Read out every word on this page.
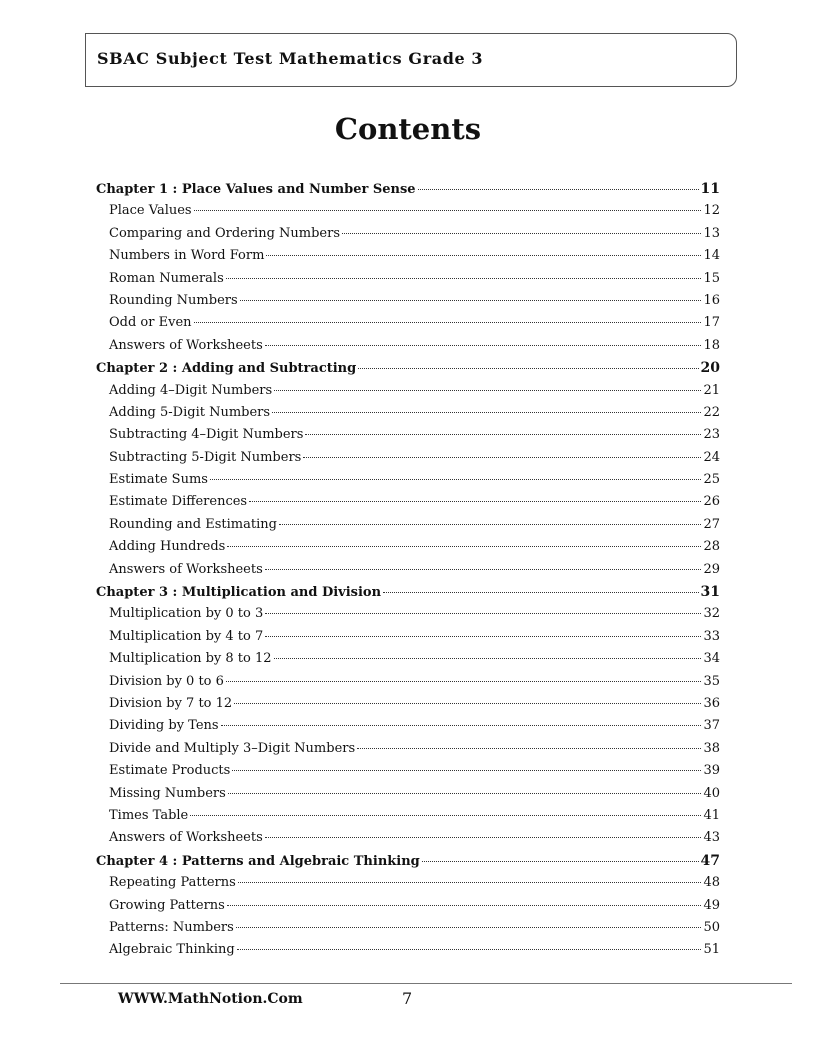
SBAC Subject Test Mathematics Grade 3
Contents
Chapter 1 : Place Values and Number Sense	11
Place Values	12
Comparing and Ordering Numbers	13
Numbers in Word Form	14
Roman Numerals	15
Rounding Numbers	16
Odd or Even	17
Answers of Worksheets	18
Chapter 2 : Adding and Subtracting	20
Adding 4–Digit Numbers	21
Adding 5-Digit Numbers	22
Subtracting 4–Digit Numbers	23
Subtracting 5-Digit Numbers	24
Estimate Sums	25
Estimate Differences	26
Rounding and Estimating	27
Adding Hundreds	28
Answers of Worksheets	29
Chapter 3 : Multiplication and Division	31
Multiplication by 0 to 3	32
Multiplication by 4 to 7	33
Multiplication by 8 to 12	34
Division by 0 to 6	35
Division by 7 to 12	36
Dividing by Tens	37
Divide and Multiply 3–Digit Numbers	38
Estimate Products	39
Missing Numbers	40
Times Table	41
Answers of Worksheets	43
Chapter 4 : Patterns and Algebraic Thinking	47
Repeating Patterns	48
Growing Patterns	49
Patterns: Numbers	50
Algebraic Thinking	51
WWW.MathNotion.Com	7
